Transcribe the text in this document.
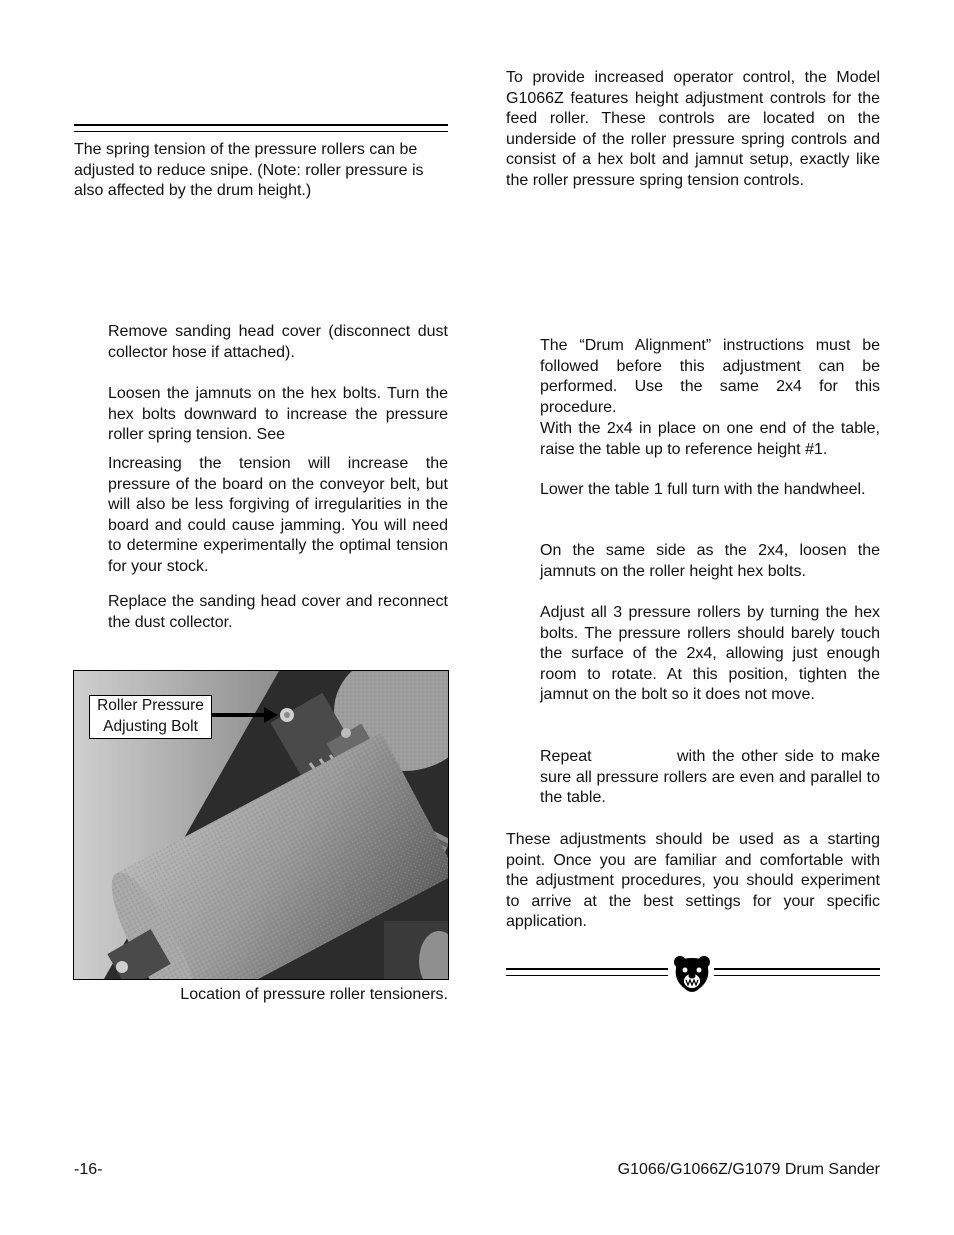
The spring tension of the pressure rollers can be adjusted to reduce snipe. (Note: roller pressure is also affected by the drum height.)

Remove sanding head cover (disconnect dust collector hose if attached).

Loosen the jamnuts on the hex bolts. Turn the hex bolts downward to increase the pressure roller spring tension. See

Increasing the tension will increase the pressure of the board on the conveyor belt, but will also be less forgiving of irregularities in the board and could cause jamming. You will need to determine experimentally the optimal tension for your stock.

Replace the sanding head cover and reconnect the dust collector.

Roller Pressure
Adjusting Bolt
Location of pressure roller tensioners.

To provide increased operator control, the Model G1066Z features height adjustment controls for the feed roller. These controls are located on the underside of the roller pressure spring controls and consist of a hex bolt and jamnut setup, exactly like the roller pressure spring tension controls.

The “Drum Alignment” instructions must be followed before this adjustment can be performed. Use the same 2x4 for this procedure.

With the 2x4 in place on one end of the table, raise the table up to reference height #1.

Lower the table 1 full turn with the handwheel.

On the same side as the 2x4, loosen the jamnuts on the roller height hex bolts.

Adjust all 3 pressure rollers by turning the hex bolts. The pressure rollers should barely touch the surface of the 2x4, allowing just enough room to rotate. At this position, tighten the jamnut on the bolt so it does not move.

Repeat	with the other side to make sure all pressure rollers are even and parallel to the table.

These adjustments should be used as a starting point. Once you are familiar and comfortable with the adjustment procedures, you should experiment to arrive at the best settings for your specific application.

-16-	G1066/G1066Z/G1079 Drum Sander
